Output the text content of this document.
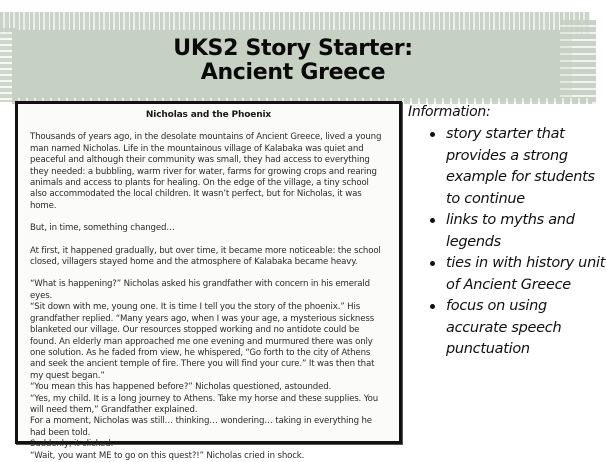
UKS2 Story Starter:
Ancient Greece
Nicholas and the Phoenix

Thousands of years ago, in the desolate mountains of Ancient Greece, lived a young man named Nicholas. Life in the mountainous village of Kalabaka was quiet and peaceful and although their community was small, they had access to everything they needed: a bubbling, warm river for water, farms for growing crops and rearing animals and access to plants for healing. On the edge of the village, a tiny school also accommodated the local children. It wasn’t perfect, but for Nicholas, it was home.

But, in time, something changed…

At first, it happened gradually, but over time, it became more noticeable: the school closed, villagers stayed home and the atmosphere of Kalabaka became heavy.

“What is happening?” Nicholas asked his grandfather with concern in his emerald eyes.

“Sit down with me, young one. It is time I tell you the story of the phoenix.” His grandfather replied. “Many years ago, when I was your age, a mysterious sickness blanketed our village. Our resources stopped working and no antidote could be found. An elderly man approached me one evening and murmured there was only one solution. As he faded from view, he whispered, “Go forth to the city of Athens and seek the ancient temple of fire. There you will find your cure.” It was then that my quest began.”

“You mean this has happened before?” Nicholas questioned, astounded.

“Yes, my child. It is a long journey to Athens. Take my horse and these supplies. You will need them,” Grandfather explained.

For a moment, Nicholas was still… thinking… wondering… taking in everything he had been told.

Suddenly, it clicked.

“Wait, you want ME to go on this quest?!” Nicholas cried in shock.

Information:
story starter that provides a strong example for students to continue
links to myths and legends
ties in with history unit of Ancient Greece
focus on using accurate speech punctuation
